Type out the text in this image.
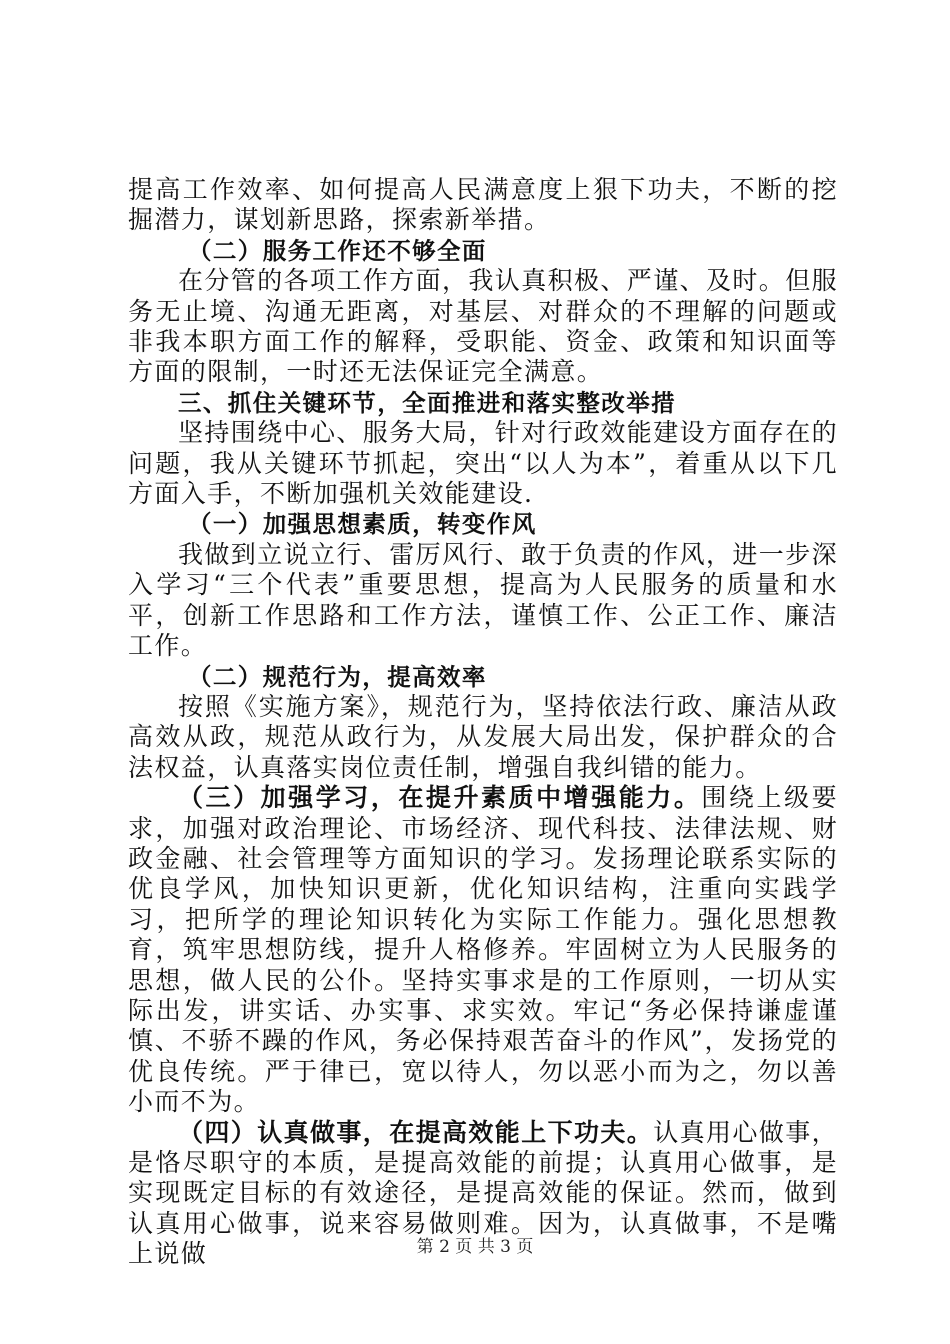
提高工作效率、如何提高人民满意度上狠下功夫，不断的挖掘潜力，谋划新思路，探索新举措。

（二）服务工作还不够全面

在分管的各项工作方面，我认真积极、严谨、及时。但服务无止境、沟通无距离，对基层、对群众的不理解的问题或非我本职方面工作的解释，受职能、资金、政策和知识面等方面的限制，一时还无法保证完全满意。

三、抓住关键环节，全面推进和落实整改举措

坚持围绕中心、服务大局，针对行政效能建设方面存在的问题，我从关键环节抓起，突出“以人为本”，着重从以下几方面入手，不断加强机关效能建设.

（一）加强思想素质，转变作风

我做到立说立行、雷厉风行、敢于负责的作风，进一步深入学习“三个代表”重要思想，提高为人民服务的质量和水平，创新工作思路和工作方法，谨慎工作、公正工作、廉洁工作。

（二）规范行为，提高效率

按照《实施方案》，规范行为，坚持依法行政、廉洁从政高效从政，规范从政行为，从发展大局出发，保护群众的合法权益，认真落实岗位责任制，增强自我纠错的能力。

（三）加强学习，在提升素质中增强能力。围绕上级要求，加强对政治理论、市场经济、现代科技、法律法规、财政金融、社会管理等方面知识的学习。发扬理论联系实际的优良学风，加快知识更新，优化知识结构，注重向实践学习，把所学的理论知识转化为实际工作能力。强化思想教育，筑牢思想防线，提升人格修养。牢固树立为人民服务的思想，做人民的公仆。坚持实事求是的工作原则，一切从实际出发，讲实话、办实事、求实效。牢记“务必保持谦虚谨慎、不骄不躁的作风，务必保持艰苦奋斗的作风”，发扬党的优良传统。严于律已，宽以待人，勿以恶小而为之，勿以善小而不为。

（四）认真做事，在提高效能上下功夫。认真用心做事，是恪尽职守的本质，是提高效能的前提；认真用心做事，是实现既定目标的有效途径，是提高效能的保证。然而，做到认真用心做事，说来容易做则难。因为，认真做事，不是嘴上说做	第 2 页 共 3 页
